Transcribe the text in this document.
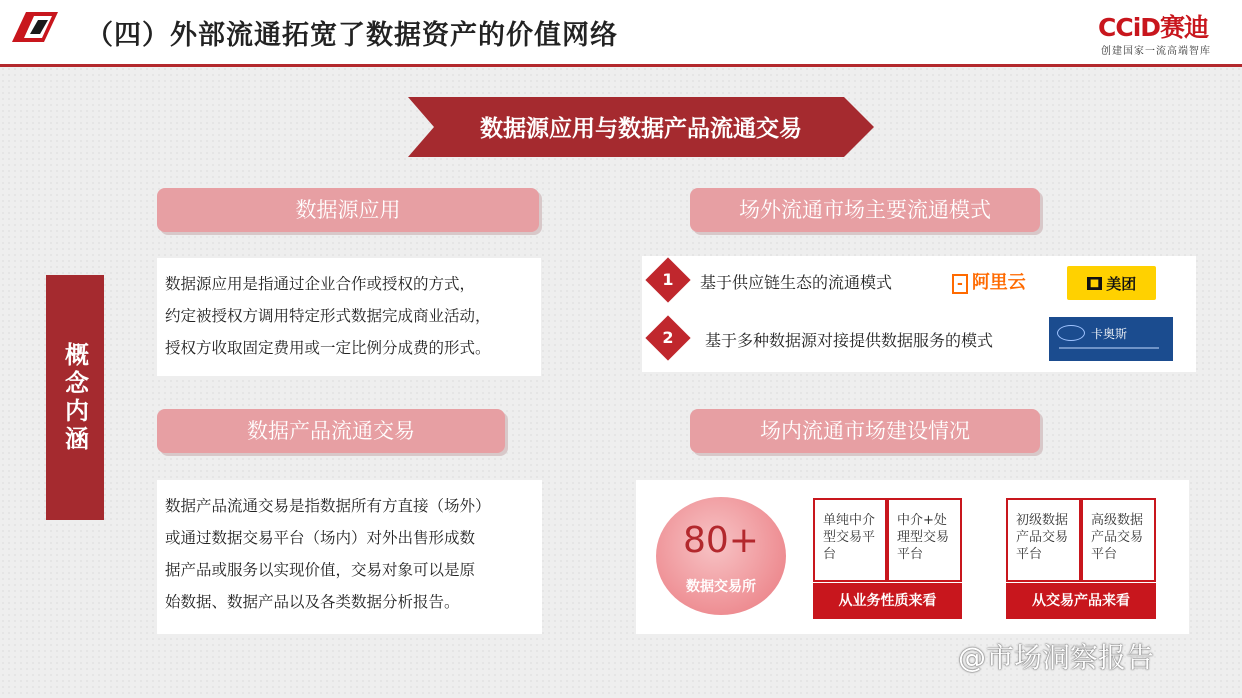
（四）外部流通拓宽了数据资产的价值网络	CCiD赛迪
创建国家一流高端智库
数据源应用与数据产品流通交易
概念内涵
数据源应用
数据源应用是指通过企业合作或授权的方式，
约定被授权方调用特定形式数据完成商业活动，
授权方收取固定费用或一定比例分成费的形式。
数据产品流通交易
数据产品流通交易是指数据所有方直接（场外）
或通过数据交易平台（场内）对外出售形成数
据产品或服务以实现价值，交易对象可以是原
始数据、数据产品以及各类数据分析报告。
场外流通市场主要流通模式
1	基于供应链生态的流通模式
2	基于多种数据源对接提供数据服务的模式
- 阿里云	■ 美团
卡奥斯
场内流通市场建设情况
80+
数据交易所
单纯中介型交易平台
中介+处理型交易平台
从业务性质来看
初级数据产品交易平台
高级数据产品交易平台
从交易产品来看
@市场洞察报告
